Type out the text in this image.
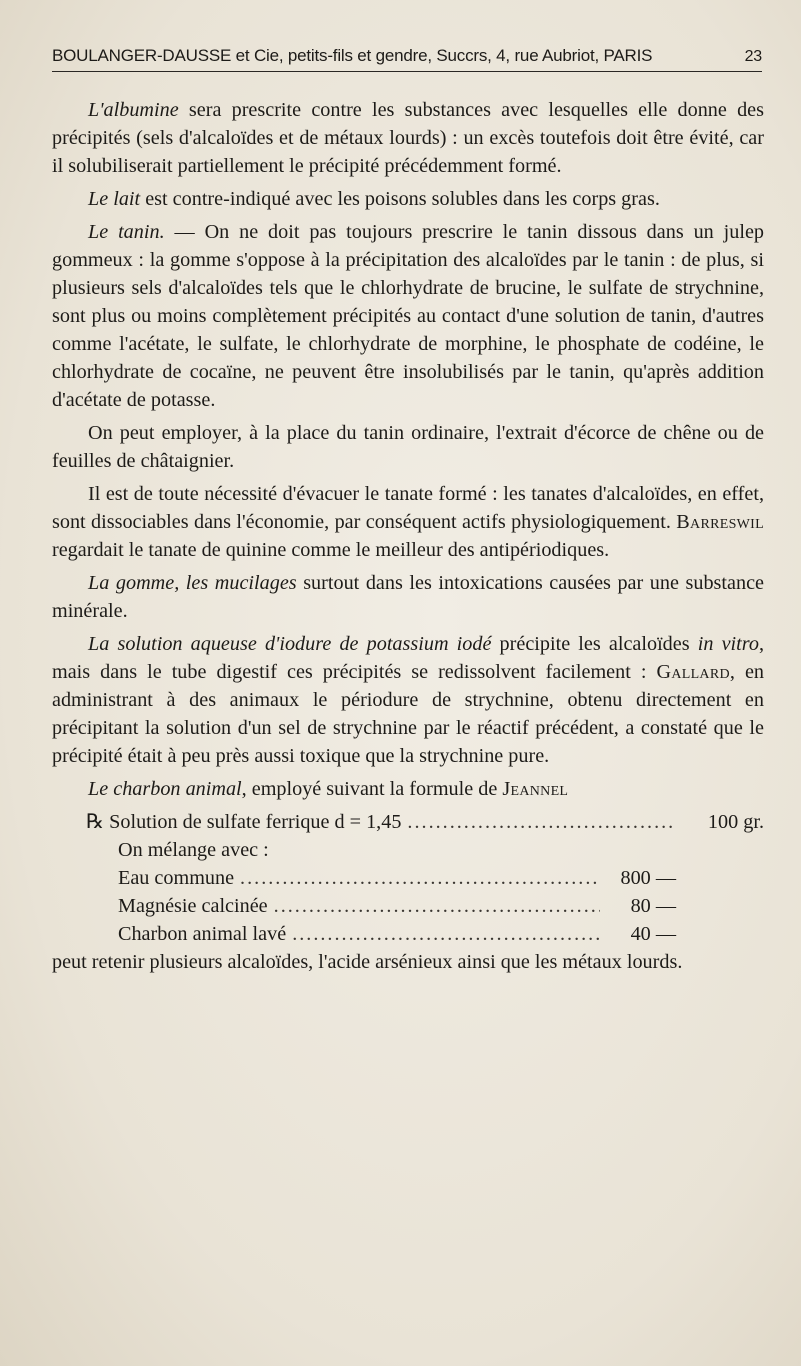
BOULANGER-DAUSSE et Cie, petits-fils et gendre, Succrs, 4, rue Aubriot, PARIS	23

L'albumine sera prescrite contre les substances avec lesquelles elle donne des précipités (sels d'alcaloïdes et de métaux lourds) : un excès toutefois doit être évité, car il solubiliserait partiellement le précipité précédemment formé.

Le lait est contre-indiqué avec les poisons solubles dans les corps gras.

Le tanin. — On ne doit pas toujours prescrire le tanin dissous dans un julep gommeux : la gomme s'oppose à la précipitation des alcaloïdes par le tanin : de plus, si plusieurs sels d'alcaloïdes tels que le chlorhydrate de brucine, le sulfate de strychnine, sont plus ou moins complètement précipités au contact d'une solution de tanin, d'autres comme l'acétate, le sulfate, le chlorhydrate de morphine, le phosphate de codéine, le chlorhydrate de cocaïne, ne peuvent être insolubilisés par le tanin, qu'après addition d'acétate de potasse.

On peut employer, à la place du tanin ordinaire, l'extrait d'écorce de chêne ou de feuilles de châtaignier.

Il est de toute nécessité d'évacuer le tanate formé : les tanates d'alcaloïdes, en effet, sont dissociables dans l'économie, par conséquent actifs physiologiquement. Barreswil regardait le tanate de quinine comme le meilleur des antipériodiques.

La gomme, les mucilages surtout dans les intoxications causées par une substance minérale.

La solution aqueuse d'iodure de potassium iodé précipite les alcaloïdes in vitro, mais dans le tube digestif ces précipités se redissolvent facilement : Gallard, en administrant à des animaux le périodure de strychnine, obtenu directement en précipitant la solution d'un sel de strychnine par le réactif précédent, a constaté que le précipité était à peu près aussi toxique que la strychnine pure.

Le charbon animal, employé suivant la formule de Jeannel

℞ Solution de sulfate ferrique d = 1,45 .....	100 gr.
On mélange avec :
Eau commune .....	800 —
Magnésie calcinée .....	80 —
Charbon animal lavé .....	40 —

peut retenir plusieurs alcaloïdes, l'acide arsénieux ainsi que les métaux lourds.
